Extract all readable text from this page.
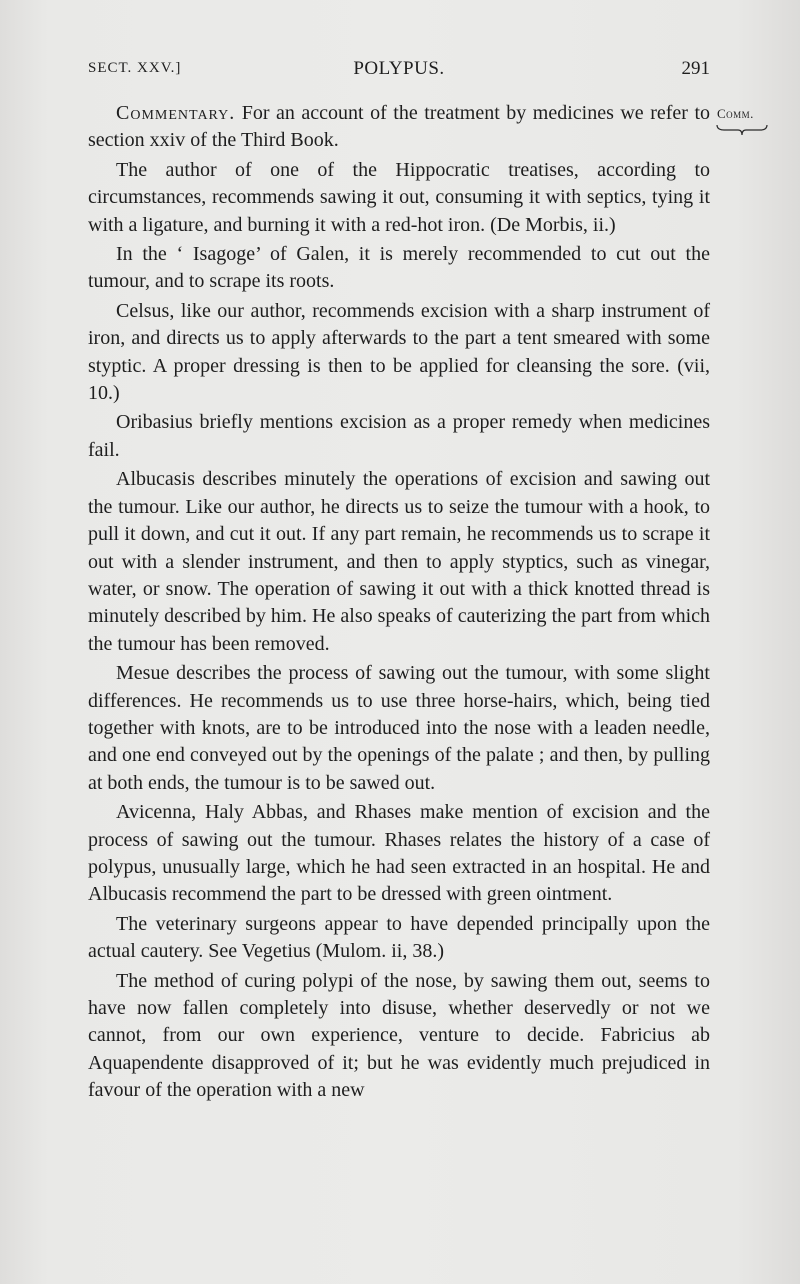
SECT. XXV.]	POLYPUS.	291
Comm.

Commentary. For an account of the treatment by medicines we refer to section xxiv of the Third Book.

The author of one of the Hippocratic treatises, according to circumstances, recommends sawing it out, consuming it with septics, tying it with a ligature, and burning it with a red-hot iron. (De Morbis, ii.)

In the ‘ Isagoge’ of Galen, it is merely recommended to cut out the tumour, and to scrape its roots.

Celsus, like our author, recommends excision with a sharp instrument of iron, and directs us to apply afterwards to the part a tent smeared with some styptic. A proper dressing is then to be applied for cleansing the sore. (vii, 10.)

Oribasius briefly mentions excision as a proper remedy when medicines fail.

Albucasis describes minutely the operations of excision and sawing out the tumour. Like our author, he directs us to seize the tumour with a hook, to pull it down, and cut it out. If any part remain, he recommends us to scrape it out with a slender instrument, and then to apply styptics, such as vinegar, water, or snow. The operation of sawing it out with a thick knotted thread is minutely described by him. He also speaks of cauterizing the part from which the tumour has been removed.

Mesue describes the process of sawing out the tumour, with some slight differences. He recommends us to use three horse-hairs, which, being tied together with knots, are to be introduced into the nose with a leaden needle, and one end conveyed out by the openings of the palate ; and then, by pulling at both ends, the tumour is to be sawed out.

Avicenna, Haly Abbas, and Rhases make mention of excision and the process of sawing out the tumour. Rhases relates the history of a case of polypus, unusually large, which he had seen extracted in an hospital. He and Albucasis recommend the part to be dressed with green ointment.

The veterinary surgeons appear to have depended principally upon the actual cautery. See Vegetius (Mulom. ii, 38.)

The method of curing polypi of the nose, by sawing them out, seems to have now fallen completely into disuse, whether deservedly or not we cannot, from our own experience, venture to decide. Fabricius ab Aquapendente disapproved of it; but he was evidently much prejudiced in favour of the operation with a new
